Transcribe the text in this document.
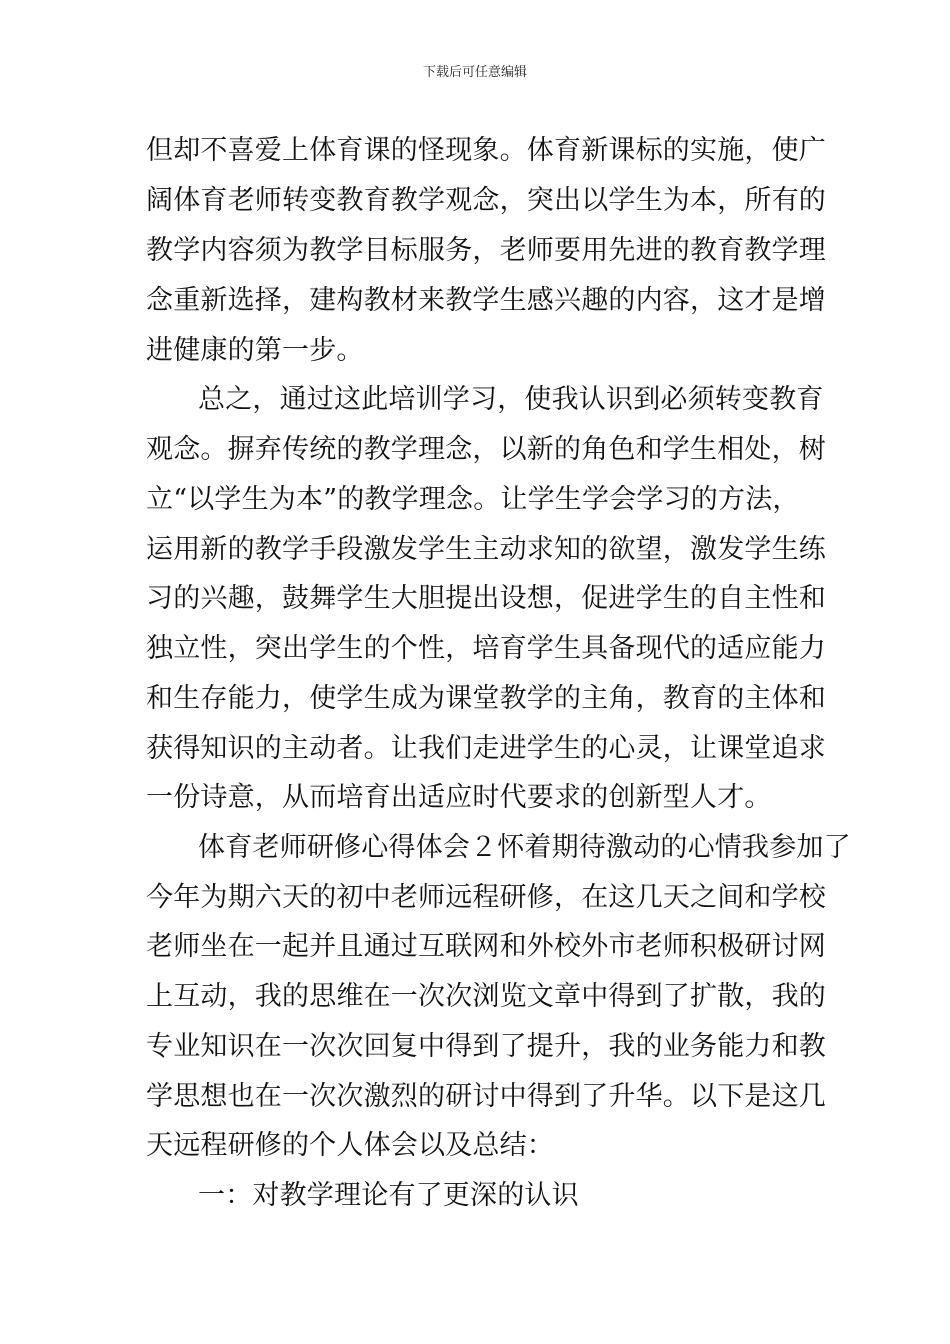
下载后可任意编辑
但却不喜爱上体育课的怪现象。体育新课标的实施，使广
阔体育老师转变教育教学观念，突出以学生为本，所有的
教学内容须为教学目标服务，老师要用先进的教育教学理
念重新选择，建构教材来教学生感兴趣的内容，这才是增
进健康的第一步。
总之，通过这此培训学习，使我认识到必须转变教育
观念。摒弃传统的教学理念，以新的角色和学生相处，树
立“以学生为本”的教学理念。让学生学会学习的方法，
运用新的教学手段激发学生主动求知的欲望，激发学生练
习的兴趣，鼓舞学生大胆提出设想，促进学生的自主性和
独立性，突出学生的个性，培育学生具备现代的适应能力
和生存能力，使学生成为课堂教学的主角，教育的主体和
获得知识的主动者。让我们走进学生的心灵，让课堂追求
一份诗意，从而培育出适应时代要求的创新型人才。
体育老师研修心得体会２怀着期待激动的心情我参加了
今年为期六天的初中老师远程研修，在这几天之间和学校
老师坐在一起并且通过互联网和外校外市老师积极研讨网
上互动，我的思维在一次次浏览文章中得到了扩散，我的
专业知识在一次次回复中得到了提升，我的业务能力和教
学思想也在一次次激烈的研讨中得到了升华。以下是这几
天远程研修的个人体会以及总结：
一：对教学理论有了更深的认识
